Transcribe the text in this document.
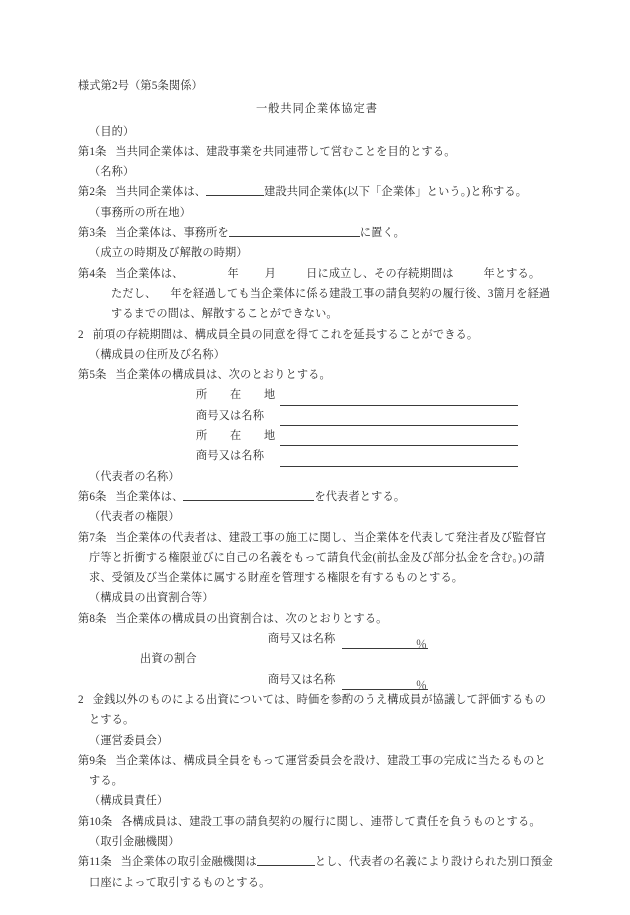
様式第2号（第5条関係）
一般共同企業体協定書
（目的）
第1条 当共同企業体は、建設事業を共同連帯して営むことを目的とする。
（名称）
第2条 当共同企業体は、	建設共同企業体(以下「企業体」という。)と称する。
（事務所の所在地）
第3条 当企業体は、事務所を	に置く。
（成立の時期及び解散の時期）
第4条 当企業体は、	年 月	日に成立し、その存続期間は	年とする。
ただし、 年を経過しても当企業体に係る建設工事の請負契約の履行後、3箇月を経過するまでの間は、解散することができない。
2 前項の存続期間は、構成員全員の同意を得てこれを延長することができる。
（構成員の住所及び名称）
第5条 当企業体の構成員は、次のとおりとする。
所　　在　　地
商号又は名称
所　　在　　地
商号又は名称
（代表者の名称）
第6条 当企業体は、	を代表者とする。
（代表者の権限）
第7条 当企業体の代表者は、建設工事の施工に関し、当企業体を代表して発注者及び監督官庁等と折衝する権限並びに自己の名義をもって請負代金(前払金及び部分払金を含む。)の請求、受領及び当企業体に属する財産を管理する権限を有するものとする。
（構成員の出資割合等）
第8条 当企業体の構成員の出資割合は、次のとおりとする。
商号又は名称
％
出資の割合
商号又は名称
％
2 金銭以外のものによる出資については、時価を参酌のうえ構成員が協議して評価するものとする。
（運営委員会）
第9条 当企業体は、構成員全員をもって運営委員会を設け、建設工事の完成に当たるものとする。
（構成員責任）
第10条 各構成員は、建設工事の請負契約の履行に関し、連帯して責任を負うものとする。
（取引金融機関）
第11条 当企業体の取引金融機関は	とし、代表者の名義により設けられた別口預金口座によって取引するものとする。
